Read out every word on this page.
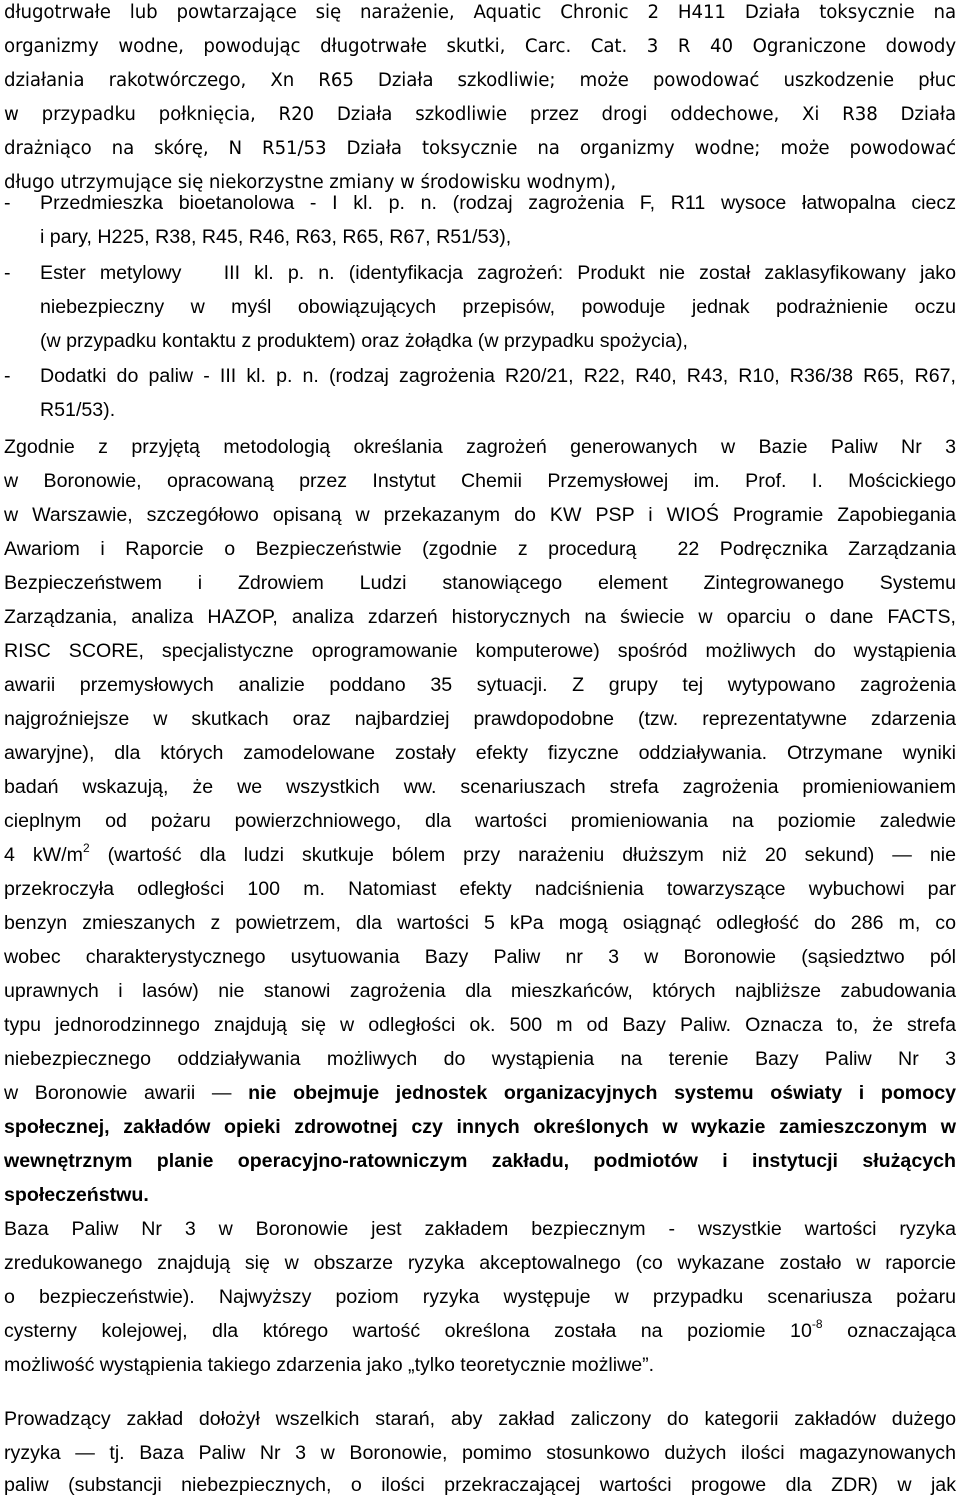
długotrwałe lub powtarzające się narażenie, Aquatic Chronic 2 H411 Działa toksycznie na
organizmy wodne, powodując długotrwałe skutki, Carc. Cat. 3 R 40 Ograniczone dowody
działania rakotwórczego, Xn R65 Działa szkodliwie; może powodować uszkodzenie płuc
w przypadku połknięcia, R20 Działa szkodliwie przez drogi oddechowe, Xi R38 Działa
drażniąco na skórę, N R51/53 Działa toksycznie na organizmy wodne; może powodować
długo utrzymujące się niekorzystne zmiany w środowisku wodnym),
- Przedmieszka bioetanolowa - I kl. p. n. (rodzaj zagrożenia F, R11 wysoce łatwopalna ciecz
i pary, H225, R38, R45, R46, R63, R65, R67, R51/53),
- Ester metylowy   III kl. p. n. (identyfikacja zagrożeń: Produkt nie został zaklasyfikowany jako
niebezpieczny w myśl obowiązujących przepisów, powoduje jednak podrażnienie oczu
(w przypadku kontaktu z produktem) oraz żołądka (w przypadku spożycia),
- Dodatki do paliw - III kl. p. n. (rodzaj zagrożenia R20/21, R22, R40, R43, R10, R36/38 R65, R67,
R51/53).
Zgodnie z przyjętą metodologią określania zagrożeń generowanych w Bazie Paliw Nr 3
w Boronowie, opracowaną przez Instytut Chemii Przemysłowej im. Prof. I. Mościckiego
w Warszawie, szczegółowo opisaną w przekazanym do KW PSP i WIOŚ Programie Zapobiegania
Awariom i Raporcie o Bezpieczeństwie (zgodnie z procedurą  22 Podręcznika Zarządzania
Bezpieczeństwem i Zdrowiem Ludzi stanowiącego element Zintegrowanego Systemu
Zarządzania, analiza HAZOP, analiza zdarzeń historycznych na świecie w oparciu o dane FACTS,
RISC SCORE, specjalistyczne oprogramowanie komputerowe) spośród możliwych do wystąpienia
awarii przemysłowych analizie poddano 35 sytuacji. Z grupy tej wytypowano zagrożenia
najgroźniejsze w skutkach oraz najbardziej prawdopodobne (tzw. reprezentatywne zdarzenia
awaryjne), dla których zamodelowane zostały efekty fizyczne oddziaływania. Otrzymane wyniki
badań wskazują, że we wszystkich ww. scenariuszach strefa zagrożenia promieniowaniem
cieplnym od pożaru powierzchniowego, dla wartości promieniowania na poziomie zaledwie
4 $kW/m^2$ (wartość dla ludzi skutkuje bólem przy narażeniu dłuższym niż 20 sekund) — nie
przekroczyła odległości 100 m. Natomiast efekty nadciśnienia towarzyszące wybuchowi par
benzyn zmieszanych z powietrzem, dla wartości 5 kPa mogą osiągnąć odległość do 286 m, co
wobec charakterystycznego usytuowania Bazy Paliw nr 3 w Boronowie (sąsiedztwo pól
uprawnych i lasów) nie stanowi zagrożenia dla mieszkańców, których najbliższe zabudowania
typu jednorodzinnego znajdują się w odległości ok. 500 m od Bazy Paliw. Oznacza to, że strefa
niebezpiecznego oddziaływania możliwych do wystąpienia na terenie Bazy Paliw Nr 3
w Boronowie awarii — nie obejmuje jednostek organizacyjnych systemu oświaty i pomocy
społecznej, zakładów opieki zdrowotnej czy innych określonych w wykazie zamieszczonym w
wewnętrznym planie operacyjno-ratowniczym zakładu, podmiotów i instytucji służących
społeczeństwu.
Baza Paliw Nr 3 w Boronowie jest zakładem bezpiecznym - wszystkie wartości ryzyka
zredukowanego znajdują się w obszarze ryzyka akceptowalnego (co wykazane zostało w raporcie
o bezpieczeństwie). Najwyższy poziom ryzyka występuje w przypadku scenariusza pożaru
cysterny kolejowej, dla którego wartość określona została na poziomie $10^{-8}$ oznaczająca
możliwość wystąpienia takiego zdarzenia jako „tylko teoretycznie możliwe”.
Prowadzący zakład dołożył wszelkich starań, aby zakład zaliczony do kategorii zakładów dużego
ryzyka — tj. Baza Paliw Nr 3 w Boronowie, pomimo stosunkowo dużych ilości magazynowanych
paliw (substancji niebezpiecznych, o ilości przekraczającej wartości progowe dla ZDR) w jak
